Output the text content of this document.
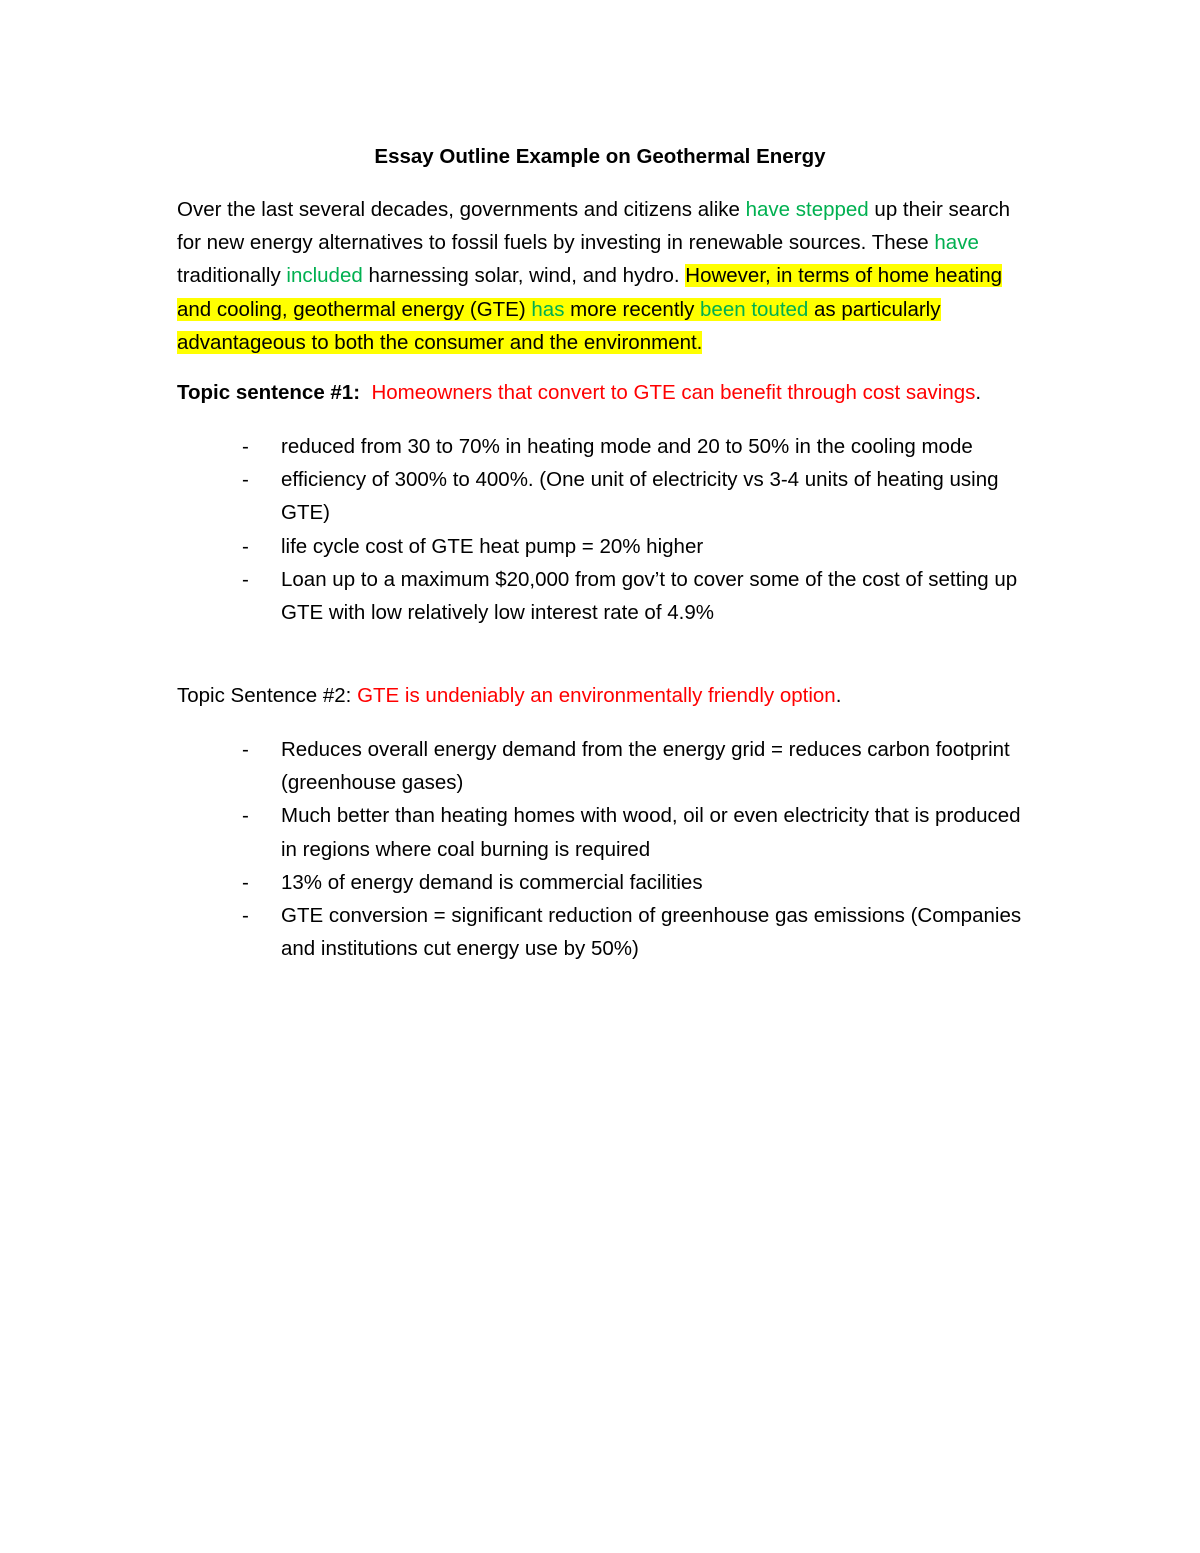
Essay Outline Example on Geothermal Energy

Over the last several decades, governments and citizens alike have stepped up their search for new energy alternatives to fossil fuels by investing in renewable sources. These have traditionally included harnessing solar, wind, and hydro. However, in terms of home heating and cooling, geothermal energy (GTE) has more recently been touted as particularly advantageous to both the consumer and the environment.

Topic sentence #1: Homeowners that convert to GTE can benefit through cost savings.

- reduced from 30 to 70% in heating mode and 20 to 50% in the cooling mode
- efficiency of 300% to 400%. (One unit of electricity vs 3-4 units of heating using GTE)
- life cycle cost of GTE heat pump = 20% higher
- Loan up to a maximum $20,000 from gov’t to cover some of the cost of setting up GTE with low relatively low interest rate of 4.9%

Topic Sentence #2: GTE is undeniably an environmentally friendly option.

- Reduces overall energy demand from the energy grid = reduces carbon footprint (greenhouse gases)
- Much better than heating homes with wood, oil or even electricity that is produced in regions where coal burning is required
- 13% of energy demand is commercial facilities
- GTE conversion = significant reduction of greenhouse gas emissions (Companies and institutions cut energy use by 50%)
